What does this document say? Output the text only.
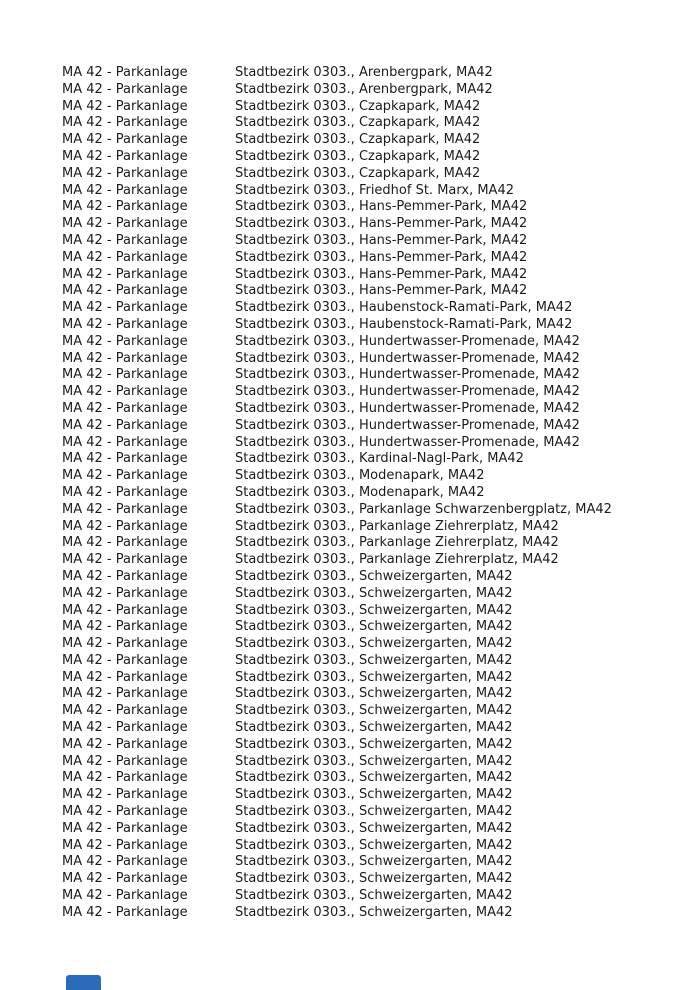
MA 42 - Parkanlage	Stadtbezirk 03 03., Arenbergpark, MA42
MA 42 - Parkanlage	Stadtbezirk 03 03., Arenbergpark, MA42
MA 42 - Parkanlage	Stadtbezirk 03 03., Czapkapark, MA42
MA 42 - Parkanlage	Stadtbezirk 03 03., Czapkapark, MA42
MA 42 - Parkanlage	Stadtbezirk 03 03., Czapkapark, MA42
MA 42 - Parkanlage	Stadtbezirk 03 03., Czapkapark, MA42
MA 42 - Parkanlage	Stadtbezirk 03 03., Czapkapark, MA42
MA 42 - Parkanlage	Stadtbezirk 03 03., Friedhof St. Marx, MA42
MA 42 - Parkanlage	Stadtbezirk 03 03., Hans-Pemmer-Park, MA42
MA 42 - Parkanlage	Stadtbezirk 03 03., Hans-Pemmer-Park, MA42
MA 42 - Parkanlage	Stadtbezirk 03 03., Hans-Pemmer-Park, MA42
MA 42 - Parkanlage	Stadtbezirk 03 03., Hans-Pemmer-Park, MA42
MA 42 - Parkanlage	Stadtbezirk 03 03., Hans-Pemmer-Park, MA42
MA 42 - Parkanlage	Stadtbezirk 03 03., Hans-Pemmer-Park, MA42
MA 42 - Parkanlage	Stadtbezirk 03 03., Haubenstock-Ramati-Park, MA42
MA 42 - Parkanlage	Stadtbezirk 03 03., Haubenstock-Ramati-Park, MA42
MA 42 - Parkanlage	Stadtbezirk 03 03., Hundertwasser-Promenade, MA42
MA 42 - Parkanlage	Stadtbezirk 03 03., Hundertwasser-Promenade, MA42
MA 42 - Parkanlage	Stadtbezirk 03 03., Hundertwasser-Promenade, MA42
MA 42 - Parkanlage	Stadtbezirk 03 03., Hundertwasser-Promenade, MA42
MA 42 - Parkanlage	Stadtbezirk 03 03., Hundertwasser-Promenade, MA42
MA 42 - Parkanlage	Stadtbezirk 03 03., Hundertwasser-Promenade, MA42
MA 42 - Parkanlage	Stadtbezirk 03 03., Hundertwasser-Promenade, MA42
MA 42 - Parkanlage	Stadtbezirk 03 03., Kardinal-Nagl-Park, MA42
MA 42 - Parkanlage	Stadtbezirk 03 03., Modenapark, MA42
MA 42 - Parkanlage	Stadtbezirk 03 03., Modenapark, MA42
MA 42 - Parkanlage	Stadtbezirk 03 03., Parkanlage Schwarzenbergplatz, MA42
MA 42 - Parkanlage	Stadtbezirk 03 03., Parkanlage Ziehrerplatz, MA42
MA 42 - Parkanlage	Stadtbezirk 03 03., Parkanlage Ziehrerplatz, MA42
MA 42 - Parkanlage	Stadtbezirk 03 03., Parkanlage Ziehrerplatz, MA42
MA 42 - Parkanlage	Stadtbezirk 03 03., Schweizergarten, MA42
MA 42 - Parkanlage	Stadtbezirk 03 03., Schweizergarten, MA42
MA 42 - Parkanlage	Stadtbezirk 03 03., Schweizergarten, MA42
MA 42 - Parkanlage	Stadtbezirk 03 03., Schweizergarten, MA42
MA 42 - Parkanlage	Stadtbezirk 03 03., Schweizergarten, MA42
MA 42 - Parkanlage	Stadtbezirk 03 03., Schweizergarten, MA42
MA 42 - Parkanlage	Stadtbezirk 03 03., Schweizergarten, MA42
MA 42 - Parkanlage	Stadtbezirk 03 03., Schweizergarten, MA42
MA 42 - Parkanlage	Stadtbezirk 03 03., Schweizergarten, MA42
MA 42 - Parkanlage	Stadtbezirk 03 03., Schweizergarten, MA42
MA 42 - Parkanlage	Stadtbezirk 03 03., Schweizergarten, MA42
MA 42 - Parkanlage	Stadtbezirk 03 03., Schweizergarten, MA42
MA 42 - Parkanlage	Stadtbezirk 03 03., Schweizergarten, MA42
MA 42 - Parkanlage	Stadtbezirk 03 03., Schweizergarten, MA42
MA 42 - Parkanlage	Stadtbezirk 03 03., Schweizergarten, MA42
MA 42 - Parkanlage	Stadtbezirk 03 03., Schweizergarten, MA42
MA 42 - Parkanlage	Stadtbezirk 03 03., Schweizergarten, MA42
MA 42 - Parkanlage	Stadtbezirk 03 03., Schweizergarten, MA42
MA 42 - Parkanlage	Stadtbezirk 03 03., Schweizergarten, MA42
MA 42 - Parkanlage	Stadtbezirk 03 03., Schweizergarten, MA42
MA 42 - Parkanlage	Stadtbezirk 03 03., Schweizergarten, MA42
